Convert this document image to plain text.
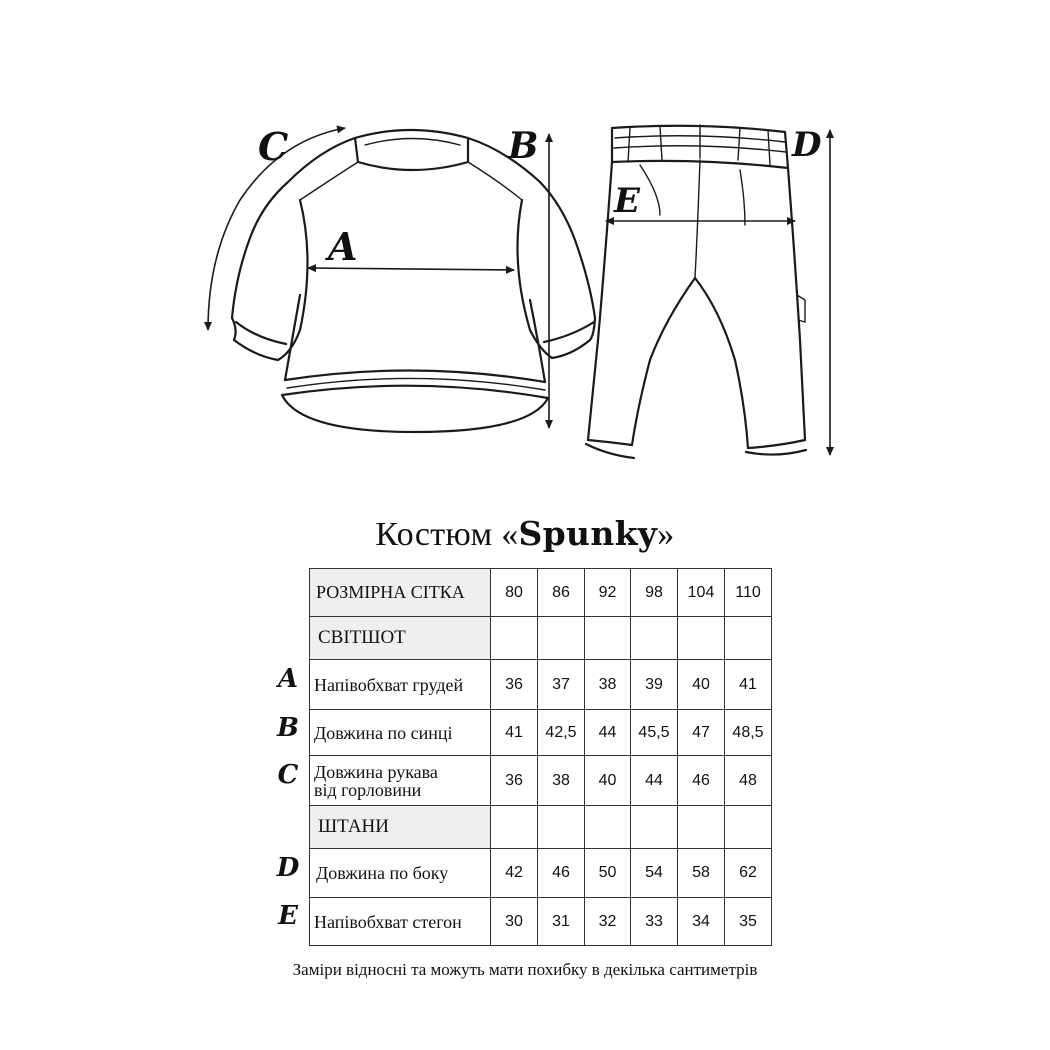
C	B
A
D
E
Костюм «Spunky»
A
B
C
D
E
РОЗМІРНА СІТКА	80	86	92	98	104	110
СВІТШОТ						
Напівобхват грудей	36	37	38	39	40	41
Довжина по синці	41	42,5	44	45,5	47	48,5
Довжина рукава
від горловини	36	38	40	44	46	48
ШТАНИ						
Довжина по боку	42	46	50	54	58	62
Напівобхват стегон	30	31	32	33	34	35
Заміри відносні та можуть мати похибку в декілька сантиметрів
